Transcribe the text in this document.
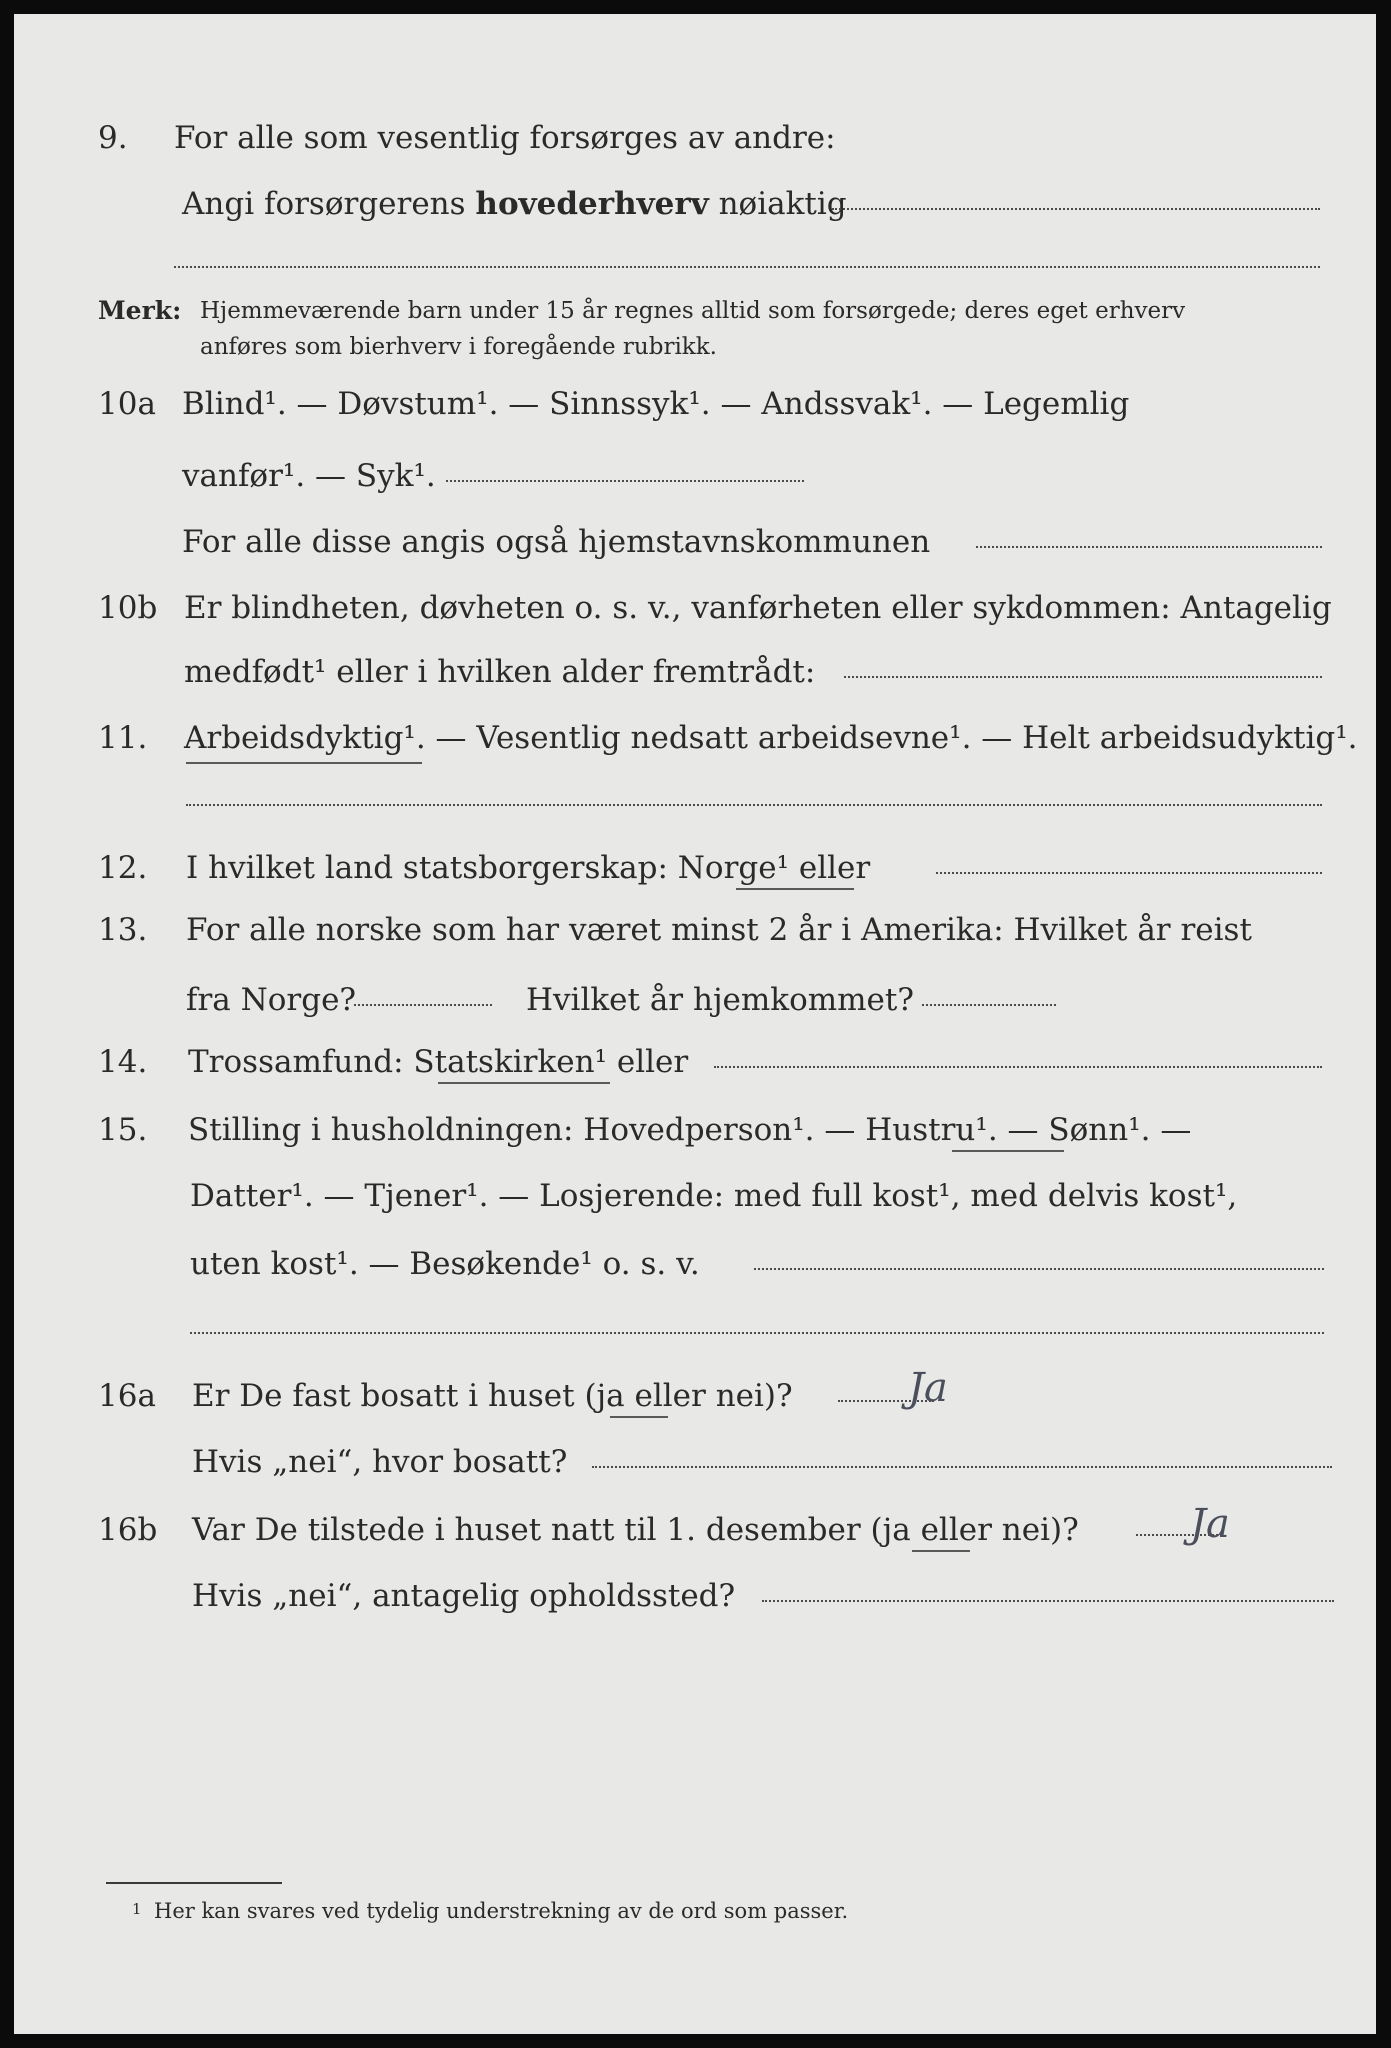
9. For alle som vesentlig forsørges av andre:
Angi forsørgerens hovederhverv nøiaktig
Merk: Hjemmeværende barn under 15 år regnes alltid som forsørgede; deres eget erhverv
anføres som bierhverv i foregående rubrikk.
10a Blind¹. — Døvstum¹. — Sinnssyk¹. — Andssvak¹. — Legemlig
vanfør¹. — Syk¹.
For alle disse angis også hjemstavnskommunen
10b Er blindheten, døvheten o. s. v., vanførheten eller sykdommen: Antagelig
medfødt¹ eller i hvilken alder fremtrådt:
11. Arbeidsdyktig¹. — Vesentlig nedsatt arbeidsevne¹. — Helt arbeidsudyktig¹.
12. I hvilket land statsborgerskap: Norge¹ eller
13. For alle norske som har været minst 2 år i Amerika: Hvilket år reist
fra Norge?	Hvilket år hjemkommet?
14. Trossamfund: Statskirken¹ eller
15. Stilling i husholdningen: Hovedperson¹. — Hustru¹. — Sønn¹. —
Datter¹. — Tjener¹. — Losjerende: med full kost¹, med delvis kost¹,
uten kost¹. — Besøkende¹ o. s. v.
16a Er De fast bosatt i huset (ja eller nei)?	Ja
Hvis „nei“, hvor bosatt?
16b Var De tilstede i huset natt til 1. desember (ja eller nei)?	Ja
Hvis „nei“, antagelig opholdssted?
1 Her kan svares ved tydelig understrekning av de ord som passer.
